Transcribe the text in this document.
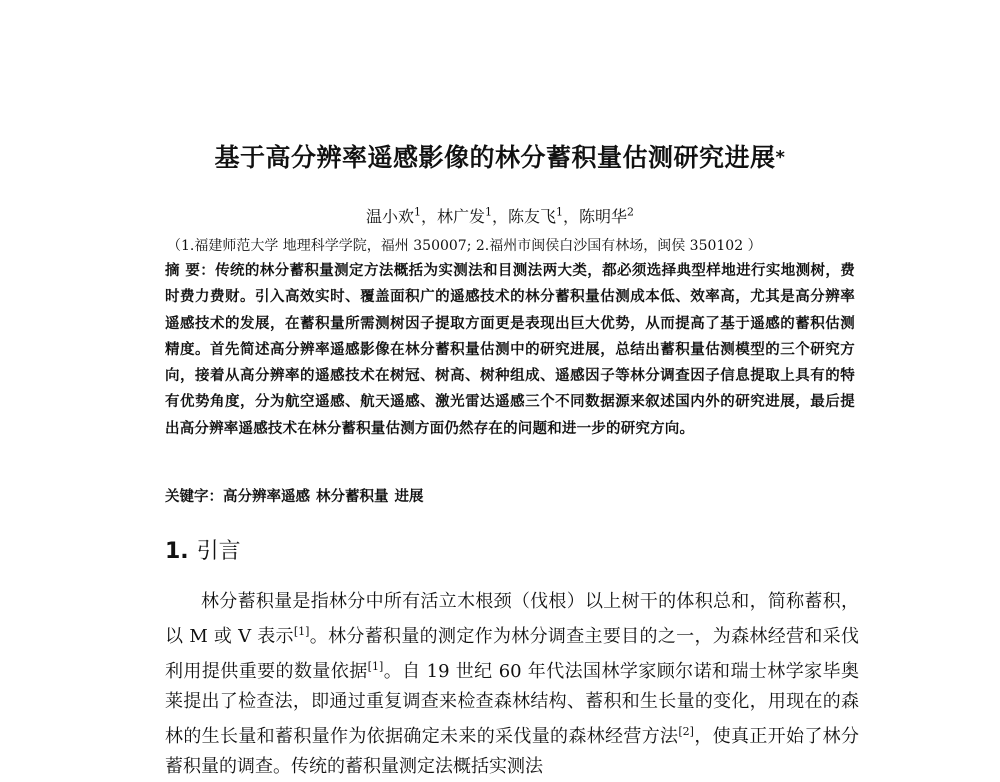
基于高分辨率遥感影像的林分蓄积量估测研究进展*
温小欢$^1$，林广发$^1$，陈友飞$^1$，陈明华$^2$
（1.福建师范大学 地理科学学院，福州 350007; 2.福州市闽侯白沙国有林场，闽侯 350102 ）
摘 要：传统的林分蓄积量测定方法概括为实测法和目测法两大类，都必须选择典型样地进行实地测树，费时费力费财。引入高效实时、覆盖面积广的遥感技术的林分蓄积量估测成本低、效率高，尤其是高分辨率遥感技术的发展，在蓄积量所需测树因子提取方面更是表现出巨大优势，从而提高了基于遥感的蓄积估测精度。首先简述高分辨率遥感影像在林分蓄积量估测中的研究进展，总结出蓄积量估测模型的三个研究方向，接着从高分辨率的遥感技术在树冠、树高、树种组成、遥感因子等林分调查因子信息提取上具有的特有优势角度，分为航空遥感、航天遥感、激光雷达遥感三个不同数据源来叙述国内外的研究进展，最后提出高分辨率遥感技术在林分蓄积量估测方面仍然存在的问题和进一步的研究方向。
关键字：高分辨率遥感 林分蓄积量 进展
1. 引言
林分蓄积量是指林分中所有活立木根颈（伐根）以上树干的体积总和，简称蓄积，以 M 或 V 表示[1]。林分蓄积量的测定作为林分调查主要目的之一，为森林经营和采伐利用提供重要的数量依据[1]。自 19 世纪 60 年代法国林学家顾尔诺和瑞士林学家毕奥莱提出了检查法，即通过重复调查来检查森林结构、蓄积和生长量的变化，用现在的森林的生长量和蓄积量作为依据确定未来的采伐量的森林经营方法[2]，使真正开始了林分蓄积量的调查。传统的蓄积量测定法概括实测法
